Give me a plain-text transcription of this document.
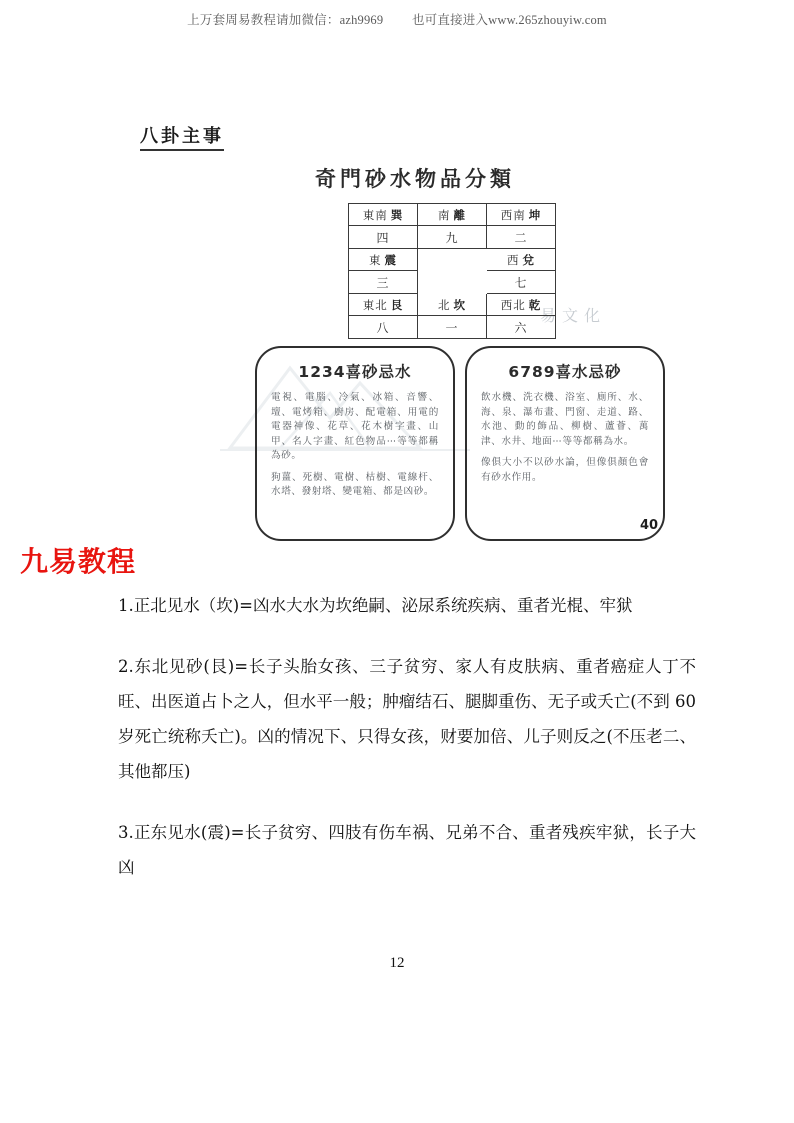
上万套周易教程请加微信：azh9969 也可直接进入www.265zhouyiw.com
八卦主事
奇門砂水物品分類
易文化
東南 巽	南 離	西南 坤
四	九	二
東 震		西 兌
三		七
東北 艮	北 坎	西北 乾
八	一	六
1234喜砂忌水

電視、電腦、冷氣、冰箱、音響、壇、電烤箱、廚房、配電箱、用電的電器神像、花草、花木樹字畫、山甲、名人字畫、紅色物品⋯等等都稱為砂。

狗薑、死樹、電樹、枯樹、電線杆、水塔、發射塔、變電箱、都是凶砂。

6789喜水忌砂

飲水機、洗衣機、浴室、廁所、水、海、泉、瀑布畫、門窗、走道、路、水池、動的飾品、柳樹、蘆薈、萬津、水井、地面⋯等等都稱為水。

像俱大小不以砂水論，但像俱顏色會有砂水作用。

40
九易教程

1.正北见水（坎)=凶水大水为坎绝嗣、泌尿系统疾病、重者光棍、牢狱

2.东北见砂(艮)=长子头胎女孩、三子贫穷、家人有皮肤病、重者癌症人丁不旺、出医道占卜之人，但水平一般；肿瘤结石、腿脚重伤、无子或夭亡(不到 60 岁死亡统称夭亡)。凶的情况下、只得女孩，财要加倍、儿子则反之(不压老二、其他都压)

3.正东见水(震)=长子贫穷、四肢有伤车祸、兄弟不合、重者残疾牢狱，长子大凶

12
